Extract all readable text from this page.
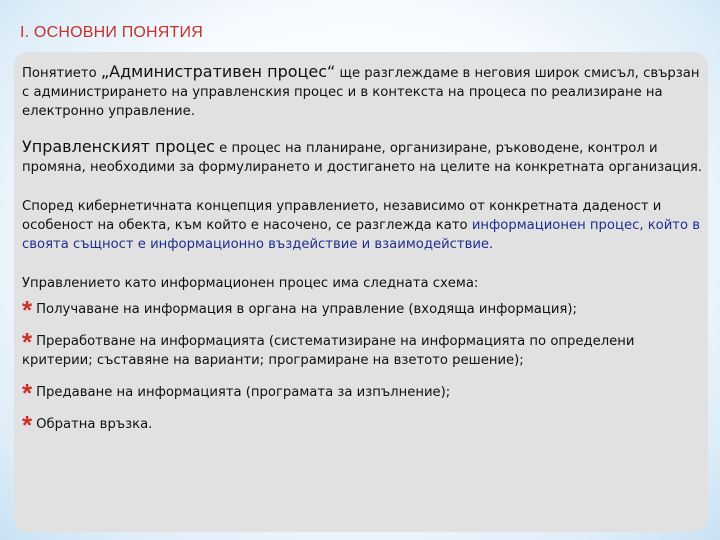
I. ОСНОВНИ ПОНЯТИЯ

Понятието „Административен процес“ ще разглеждаме в неговия широк смисъл, свързан с администрирането на управленския процес и в контекста на процеса по реализиране на електронно управление.

Управленският процес е процес на планиране, организиране, ръководене, контрол и промяна, необходими за формулирането и достигането на целите на конкретната организация.

Според кибернетичната концепция управлението, независимо от конкретната даденост и особеност на обекта, към който е насочено, се разглежда като информационен процес, който в своята същност е информационно въздействие и взаимодействие.

Управлението като информационен процес има следната схема:

* Получаване на информация в органа на управление (входяща информация);

* Преработване на информацията (систематизиране на информацията по определени критерии; съставяне на варианти; програмиране на взетото решение);

* Предаване на информацията (програмата за изпълнение);

* Обратна връзка.
